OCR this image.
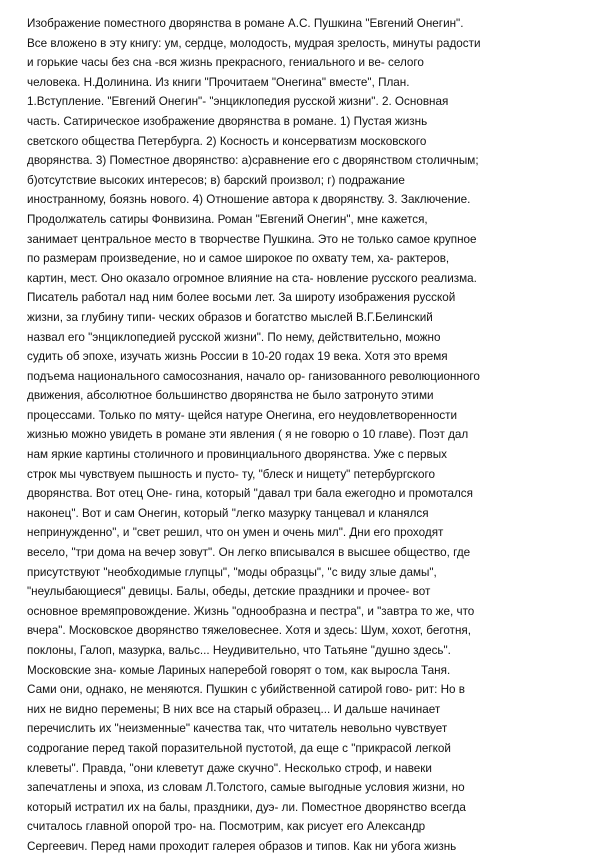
Изображение поместного дворянства в романе А.С. Пушкина "Евгений Онегин".
Все вложено в эту книгу: ум, сердце, молодость, мудрая зрелость, минуты радости
и горькие часы без сна -вся жизнь прекрасного, гениального и ве- селого
человека. Н.Долинина. Из книги "Прочитаем "Онегина" вместе", План.
1.Вступление. "Евгений Онегин"- "энциклопедия русской жизни". 2. Основная
часть. Сатирическое изображение дворянства в романе. 1) Пустая жизнь
светского общества Петербурга. 2) Косность и консерватизм московского
дворянства. 3) Поместное дворянство: а)сравнение его с дворянством столичным;
б)отсутствие высоких интересов; в) барский произвол; г) подражание
иностранному, боязнь нового. 4) Отношение автора к дворянству. 3. Заключение.
Продолжатель сатиры Фонвизина. Роман "Евгений Онегин", мне кажется,
занимает центральное место в творчестве Пушкина. Это не только самое крупное
по размерам произведение, но и самое широкое по охвату тем, ха- рактеров,
картин, мест. Оно оказало огромное влияние на ста- новление русского реализма.
Писатель работал над ним более восьми лет. За широту изображения русской
жизни, за глубину типи- ческих образов и богатство мыслей В.Г.Белинский
назвал его "энциклопедией русской жизни". По нему, действительно, можно
судить об эпохе, изучать жизнь России в 10-20 годах 19 века. Хотя это время
подъема национального самосознания, начало ор- ганизованного революционного
движения, абсолютное большинство дворянства не было затронуто этими
процессами. Только по мяту- щейся натуре Онегина, его неудовлетворенности
жизнью можно увидеть в романе эти явления ( я не говорю о 10 главе). Поэт дал
нам яркие картины столичного и провинциального дворянства. Уже с первых
строк мы чувствуем пышность и пусто- ту, "блеск и нищету" петербургского
дворянства. Вот отец Оне- гина, который "давал три бала ежегодно и промотался
наконец". Вот и сам Онегин, который "легко мазурку танцевал и кланялся
непринужденно", и "свет решил, что он умен и очень мил". Дни его проходят
весело, "три дома на вечер зовут". Он легко вписывался в высшее общество, где
присутствуют "необходимые глупцы", "моды образцы", "с виду злые дамы",
"неулыбающиеся" девицы. Балы, обеды, детские праздники и прочее- вот
основное времяпровождение. Жизнь "однообразна и пестра", и "завтра то же, что
вчера". Московское дворянство тяжеловеснее. Хотя и здесь: Шум, хохот, беготня,
поклоны, Галоп, мазурка, вальс... Неудивительно, что Татьяне "душно здесь".
Московские зна- комые Лариных наперебой говорят о том, как выросла Таня.
Сами они, однако, не меняются. Пушкин с убийственной сатирой гово- рит: Но в
них не видно перемены; В них все на старый образец... И дальше начинает
перечислить их "неизменные" качества так, что читатель невольно чувствует
содрогание перед такой поразительной пустотой, да еще с "прикрасой легкой
клеветы". Правда, "они клеветут даже скучно". Несколько строф, и навеки
запечатлены и эпоха, из словам Л.Толстого, самые выгодные условия жизни, но
который истратил их на балы, праздники, дуэ- ли. Поместное дворянство всегда
считалось главной опорой тро- на. Посмотрим, как рисует его Александр
Сергеевич. Перед нами проходит галерея образов и типов. Как ни убога жизнь
